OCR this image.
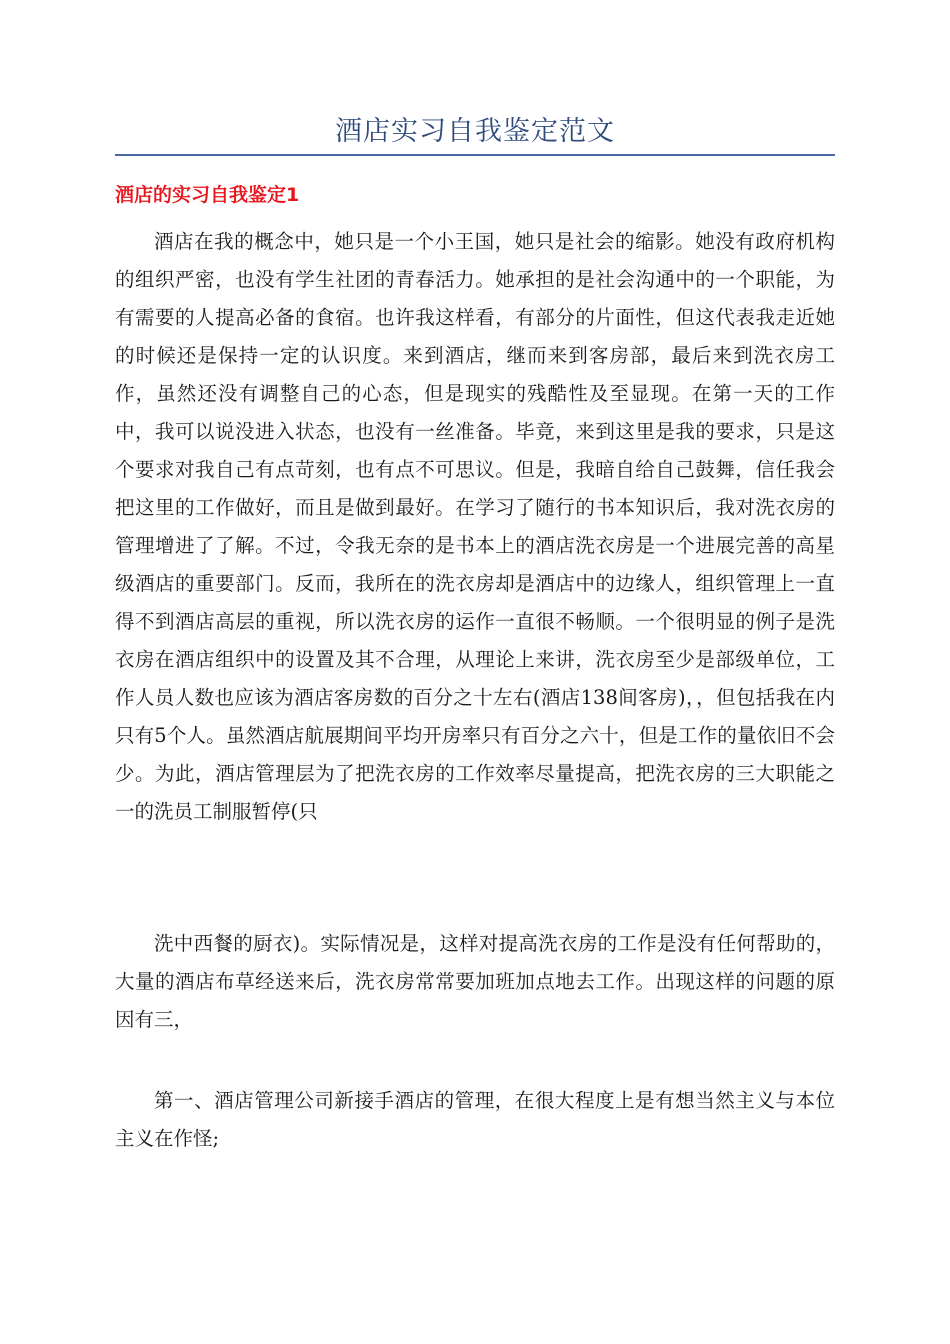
酒店实习自我鉴定范文
酒店的实习自我鉴定1

酒店在我的概念中，她只是一个小王国，她只是社会的缩影。她没有政府机构的组织严密，也没有学生社团的青春活力。她承担的是社会沟通中的一个职能，为有需要的人提高必备的食宿。也许我这样看，有部分的片面性，但这代表我走近她的时候还是保持一定的认识度。来到酒店，继而来到客房部，最后来到洗衣房工作，虽然还没有调整自己的心态，但是现实的残酷性及至显现。在第一天的工作中，我可以说没进入状态，也没有一丝准备。毕竟，来到这里是我的要求，只是这个要求对我自己有点苛刻，也有点不可思议。但是，我暗自给自己鼓舞，信任我会把这里的工作做好，而且是做到最好。在学习了随行的书本知识后，我对洗衣房的管理增进了了解。不过，令我无奈的是书本上的酒店洗衣房是一个进展完善的高星级酒店的重要部门。反而，我所在的洗衣房却是酒店中的边缘人，组织管理上一直得不到酒店高层的重视，所以洗衣房的运作一直很不畅顺。一个很明显的例子是洗衣房在酒店组织中的设置及其不合理，从理论上来讲，洗衣房至少是部级单位，工作人员人数也应该为酒店客房数的百分之十左右(酒店138间客房)，，但包括我在内只有5个人。虽然酒店航展期间平均开房率只有百分之六十，但是工作的量依旧不会少。为此，酒店管理层为了把洗衣房的工作效率尽量提高，把洗衣房的三大职能之一的洗员工制服暂停(只

洗中西餐的厨衣)。实际情况是，这样对提高洗衣房的工作是没有任何帮助的，大量的酒店布草经送来后，洗衣房常常要加班加点地去工作。出现这样的问题的原因有三，

第一、酒店管理公司新接手酒店的管理，在很大程度上是有想当然主义与本位主义在作怪;
